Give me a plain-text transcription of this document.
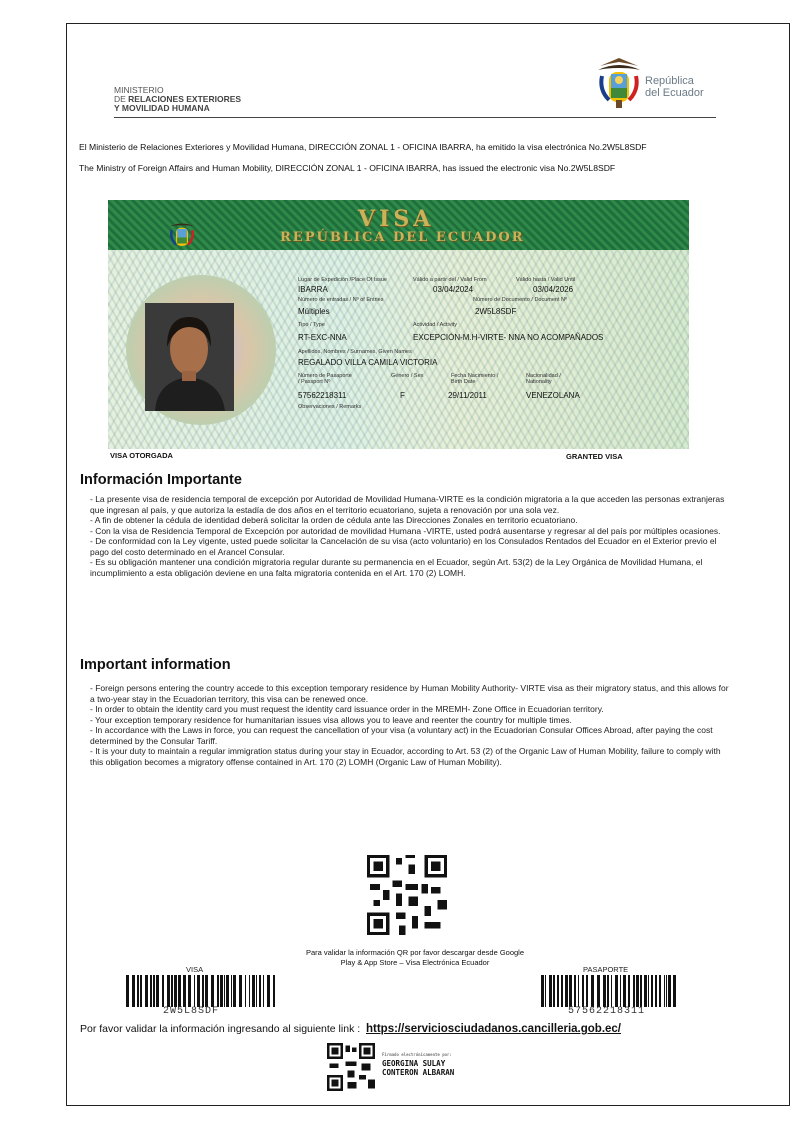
MINISTERIO
DE RELACIONES EXTERIORES
Y MOVILIDAD HUMANA
República
del Ecuador
El Ministerio de Relaciones Exteriores y Movilidad Humana, DIRECCIÓN ZONAL 1 - OFICINA IBARRA, ha emitido la visa electrónica No.2W5L8SDF
The Ministry of Foreign Affairs and Human Mobility, DIRECCIÓN ZONAL 1 - OFICINA IBARRA, has issued the electronic visa No.2W5L8SDF
VISA
REPÚBLICA DEL ECUADOR
Lugar de Expedición /Place Of Issue	Válido a partir del / Valid From	Válido hasta / Valid Until
IBARRA	03/04/2024	03/04/2026
Número de entradas / Nº of Entries	Número de Documento / Document Nº
Múltiples	2W5L8SDF
Tipo / Type	Actividad / Activity
RT-EXC-NNA	EXCEPCIÓN-M.H-VIRTE- NNA NO ACOMPAÑADOS
Apellidos, Nombres / Surnames, Given Names
REGALADO VILLA CAMILA VICTORIA
Número de Pasaporte / Passport Nº
Género / Sex	Fecha Nacimiento / Birth Date
Nacionalidad / Nationality
57562218311	F	29/11/2011	VENEZOLANA
Observaciones / Remarks
VISA OTORGADA	GRANTED VISA
Información Importante
- La presente visa de residencia temporal de excepción por Autoridad de Movilidad Humana-VIRTE es la condición migratoria a la que acceden las personas extranjeras que ingresan al país, y que autoriza la estadía de dos años en el territorio ecuatoriano, sujeta a renovación por una sola vez.
- A fin de obtener la cédula de identidad deberá solicitar la orden de cédula ante las Direcciones Zonales en territorio ecuatoriano.
- Con la visa de Residencia Temporal de Excepción por autoridad de movilidad Humana -VIRTE, usted podrá ausentarse y regresar al del país por múltiples ocasiones.
- De conformidad con la Ley vigente, usted puede solicitar la Cancelación de su visa (acto voluntario) en los Consulados Rentados del Ecuador en el Exterior previo el pago del costo determinado en el Arancel Consular.
- Es su obligación mantener una condición migratoria regular durante su permanencia en el Ecuador, según Art. 53(2) de la Ley Orgánica de Movilidad Humana, el incumplimiento a esta obligación deviene en una falta migratoria contenida en el Art. 170 (2) LOMH.
Important information
- Foreign persons entering the country accede to this exception temporary residence by Human Mobility Authority- VIRTE visa as their migratory status, and this allows for a two-year stay in the Ecuadorian territory, this visa can be renewed once.
- In order to obtain the identity card you must request the identity card issuance order in the MREMH- Zone Office in Ecuadorian territory.
- Your exception temporary residence for humanitarian issues visa allows you to leave and reenter the country for multiple times.
- In accordance with the Laws in force, you can request the cancellation of your visa (a voluntary act) in the Ecuadorian Consular Offices Abroad, after paying the cost determined by the Consular Tariff.
- It is your duty to maintain a regular immigration status during your stay in Ecuador, according to Art. 53 (2) of the Organic Law of Human Mobility, failure to comply with this obligation becomes a migratory offense contained in Art. 170 (2) LOMH (Organic Law of Human Mobility).
Para validar la información QR por favor descargar desde Google
Play & App Store – Visa Electrónica Ecuador
VISA
2W5L8SDF
PASAPORTE
57562218311
Por favor validar la información ingresando al siguiente link : https://serviciosciudadanos.cancilleria.gob.ec/
Firmado electrónicamente por:
GEORGINA SULAY
CONTERON ALBARAN
